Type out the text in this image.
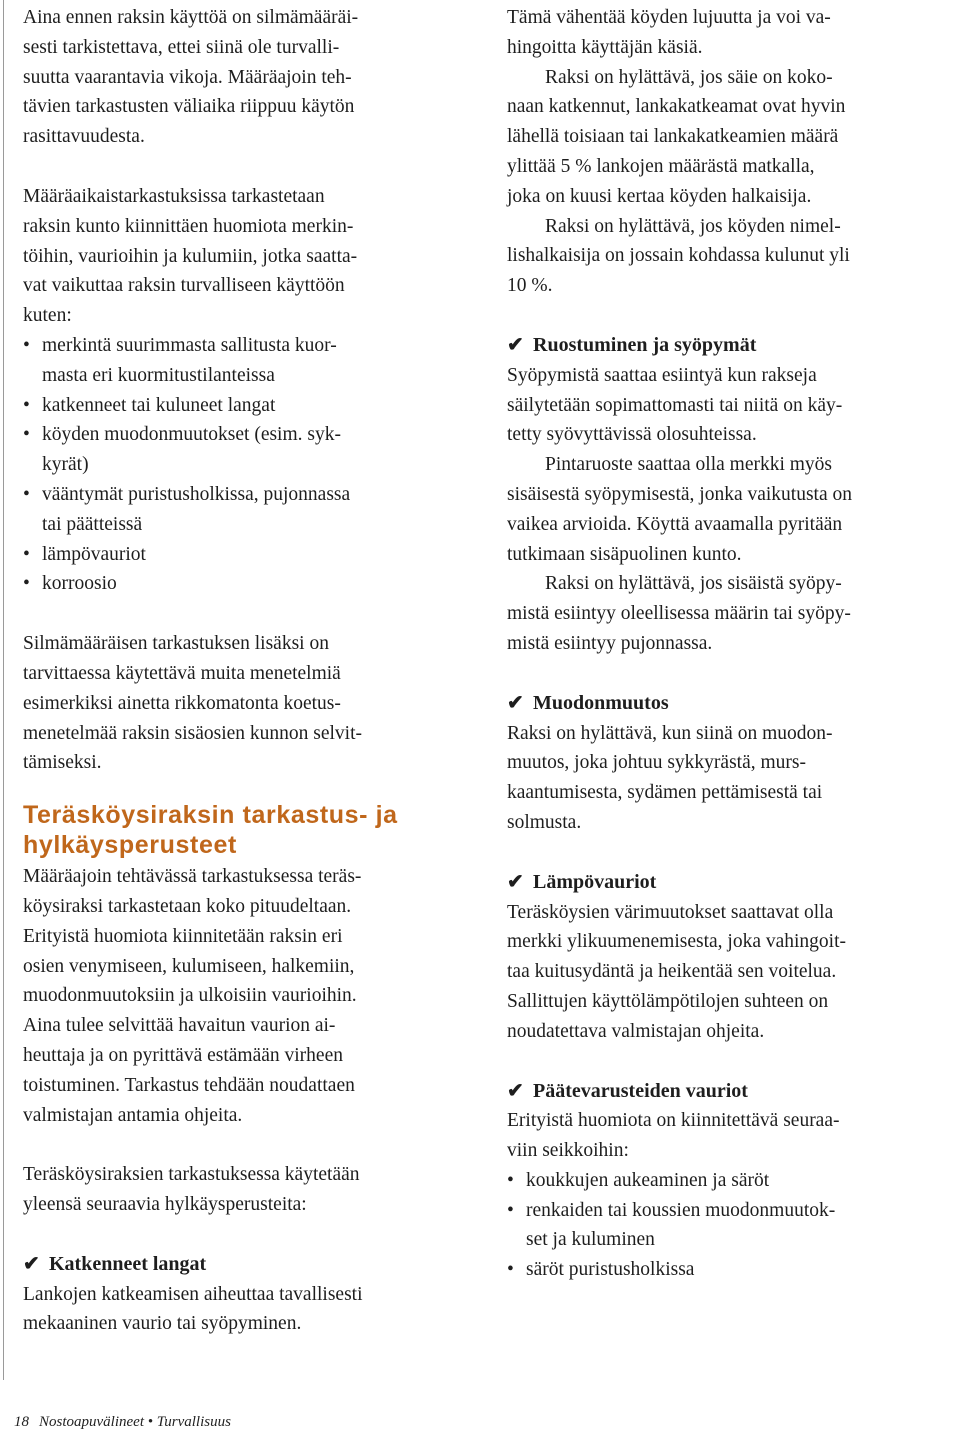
Aina ennen raksin käyttöä on silmämääräi-
sesti tarkistettava, ettei siinä ole turvalli-
suutta vaarantavia vikoja. Määräajoin teh-
tävien tarkastusten väliaika riippuu käytön
rasittavuudesta.

Määräaikaistarkastuksissa tarkastetaan
raksin kunto kiinnittäen huomiota merkin-
töihin, vaurioihin ja kulumiin, jotka saatta-
vat vaikuttaa raksin turvalliseen käyttöön
kuten:

• merkintä suurimmasta sallitusta kuor-
masta eri kuormitustilanteissa
• katkenneet tai kuluneet langat
• köyden muodonmuutokset (esim. syk-
kyrät)
• vääntymät puristusholkissa, pujonnassa
tai päätteissä
• lämpövauriot
• korroosio

Silmämääräisen tarkastuksen lisäksi on
tarvittaessa käytettävä muita menetelmiä
esimerkiksi ainetta rikkomatonta koetus-
menetelmää raksin sisäosien kunnon selvit-
tämiseksi.

Teräsköysiraksin tarkastus- ja
hylkäysperusteet

Määräajoin tehtävässä tarkastuksessa teräs-
köysiraksi tarkastetaan koko pituudeltaan.
Erityistä huomiota kiinnitetään raksin eri
osien venymiseen, kulumiseen, halkemiin,
muodonmuutoksiin ja ulkoisiin vaurioihin.
Aina tulee selvittää havaitun vaurion ai-
heuttaja ja on pyrittävä estämään virheen
toistuminen. Tarkastus tehdään noudattaen
valmistajan antamia ohjeita.

Teräsköysiraksien tarkastuksessa käytetään
yleensä seuraavia hylkäysperusteita:

✔ Katkenneet langat

Lankojen katkeamisen aiheuttaa tavallisesti
mekaaninen vaurio tai syöpyminen.

Tämä vähentää köyden lujuutta ja voi va-
hingoitta käyttäjän käsiä.

Raksi on hylättävä, jos säie on koko-
naan katkennut, lankakatkeamat ovat hyvin
lähellä toisiaan tai lankakatkeamien määrä
ylittää 5 % lankojen määrästä matkalla,
joka on kuusi kertaa köyden halkaisija.

Raksi on hylättävä, jos köyden nimel-
lishalkaisija on jossain kohdassa kulunut yli
10 %.

✔ Ruostuminen ja syöpymät

Syöpymistä saattaa esiintyä kun rakseja
säilytetään sopimattomasti tai niitä on käy-
tetty syövyttävissä olosuhteissa.

Pintaruoste saattaa olla merkki myös
sisäisestä syöpymisestä, jonka vaikutusta on
vaikea arvioida. Köyttä avaamalla pyritään
tutkimaan sisäpuolinen kunto.

Raksi on hylättävä, jos sisäistä syöpy-
mistä esiintyy oleellisessa määrin tai syöpy-
mistä esiintyy pujonnassa.

✔ Muodonmuutos

Raksi on hylättävä, kun siinä on muodon-
muutos, joka johtuu sykkyrästä, murs-
kaantumisesta, sydämen pettämisestä tai
solmusta.

✔ Lämpövauriot

Teräsköysien värimuutokset saattavat olla
merkki ylikuumenemisesta, joka vahingoit-
taa kuitusydäntä ja heikentää sen voitelua.
Sallittujen käyttölämpötilojen suhteen on
noudatettava valmistajan ohjeita.

✔ Päätevarusteiden vauriot

Erityistä huomiota on kiinnitettävä seuraa-
viin seikkoihin:

• koukkujen aukeaminen ja säröt
• renkaiden tai koussien muodonmuutok-
set ja kuluminen
• säröt puristusholkissa
18 Nostoapuvälineet • Turvallisuus
